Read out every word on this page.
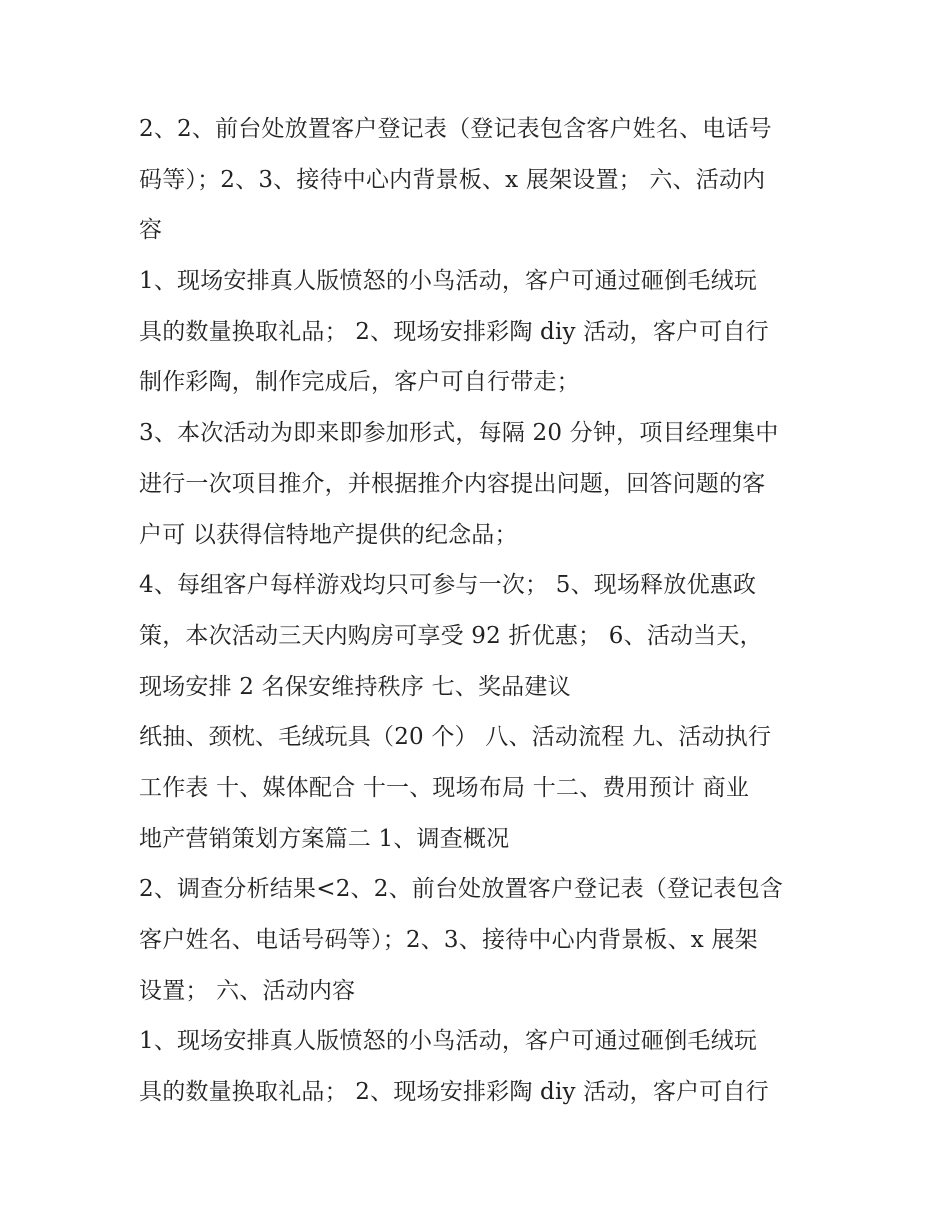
2、2、前台处放置客户登记表（登记表包含客户姓名、电话号
码等）；2、3、接待中心内背景板、x 展架设置； 六、活动内
容

1、现场安排真人版愤怒的小鸟活动，客户可通过砸倒毛绒玩
具的数量换取礼品； 2、现场安排彩陶 diy 活动，客户可自行
制作彩陶，制作完成后，客户可自行带走；

3、本次活动为即来即参加形式，每隔 20 分钟，项目经理集中
进行一次项目推介，并根据推介内容提出问题，回答问题的客
户可 以获得信特地产提供的纪念品；

4、每组客户每样游戏均只可参与一次； 5、现场释放优惠政
策，本次活动三天内购房可享受 92 折优惠； 6、活动当天，
现场安排 2 名保安维持秩序 七、奖品建议

纸抽、颈枕、毛绒玩具（20 个） 八、活动流程 九、活动执行
工作表 十、媒体配合 十一、现场布局 十二、费用预计 商业
地产营销策划方案篇二 1、调查概况

2、调查分析结果<2、2、前台处放置客户登记表（登记表包含
客户姓名、电话号码等）；2、3、接待中心内背景板、x 展架
设置； 六、活动内容

1、现场安排真人版愤怒的小鸟活动，客户可通过砸倒毛绒玩
具的数量换取礼品； 2、现场安排彩陶 diy 活动，客户可自行
